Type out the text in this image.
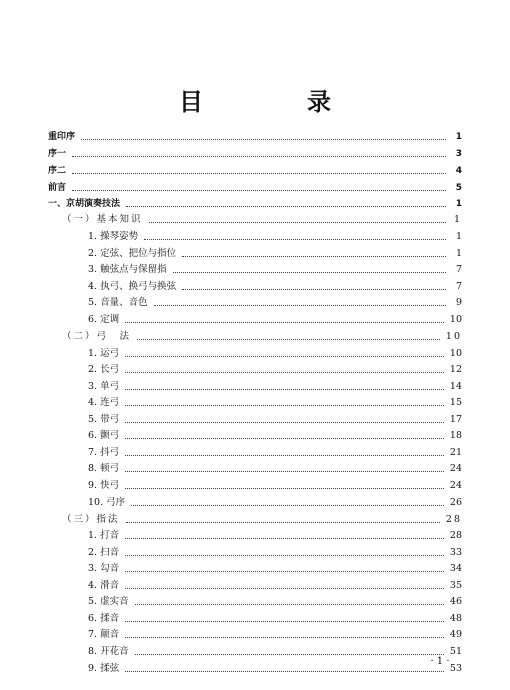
目　录
重印序	1
序一	3
序二	4
前言	5
一、京胡演奏技法	1
（一）基本知识	1
1. 操琴姿势	1
2. 定弦、把位与指位	1
3. 触弦点与保留指	7
4. 执弓、换弓与换弦	7
5. 音量、音色	9
6. 定调	10
（二）弓　法	10
1. 运弓	10
2. 长弓	12
3. 单弓	14
4. 连弓	15
5. 带弓	17
6. 颤弓	18
7. 抖弓	21
8. 顿弓	24
9. 快弓	24
10. 弓序	26
（三）指法	28
1. 打音	28
2. 扫音	33
3. 勾音	34
4. 滑音	35
5. 虚实音	46
6. 揉音	48
7. 颠音	49
8. 开花音	51
9. 揉弦	53
· 1 ·
